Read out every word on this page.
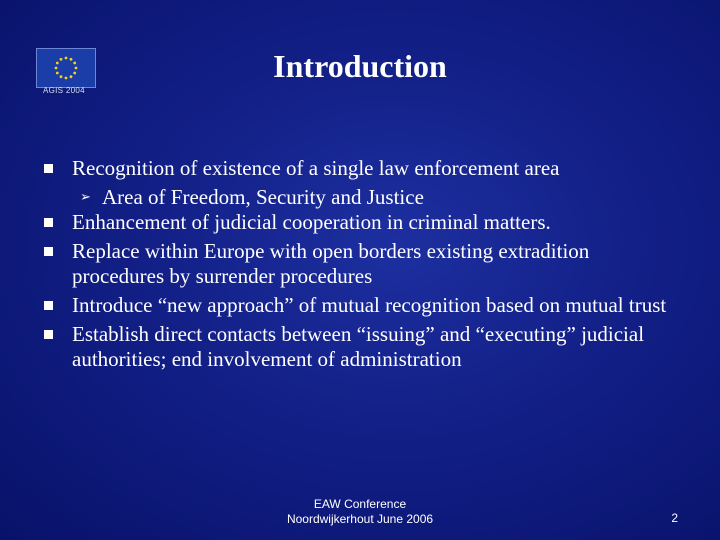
AGIS 2004
Introduction
Recognition of existence of a single law enforcement area
➢ Area of Freedom, Security and Justice
Enhancement of judicial cooperation in criminal matters.
Replace within Europe with open borders existing extradition procedures by surrender procedures
Introduce “new approach” of mutual recognition based on mutual trust
Establish direct contacts between “issuing” and “executing” judicial authorities; end involvement of administration
EAW Conference
Noordwijkerhout June 2006	2
